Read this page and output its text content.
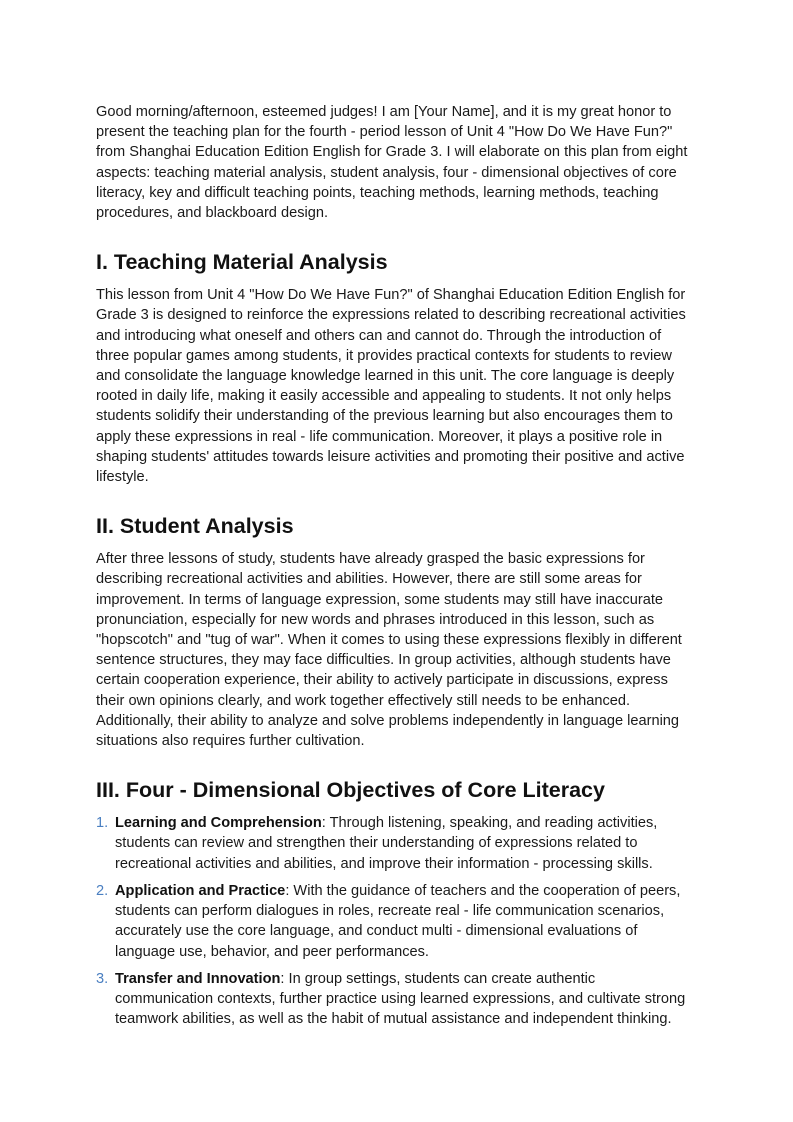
Good morning/afternoon, esteemed judges! I am [Your Name], and it is my great honor to present the teaching plan for the fourth - period lesson of Unit 4 "How Do We Have Fun?" from Shanghai Education Edition English for Grade 3. I will elaborate on this plan from eight aspects: teaching material analysis, student analysis, four - dimensional objectives of core literacy, key and difficult teaching points, teaching methods, learning methods, teaching procedures, and blackboard design.

I. Teaching Material Analysis

This lesson from Unit 4 "How Do We Have Fun?" of Shanghai Education Edition English for Grade 3 is designed to reinforce the expressions related to describing recreational activities and introducing what oneself and others can and cannot do. Through the introduction of three popular games among students, it provides practical contexts for students to review and consolidate the language knowledge learned in this unit. The core language is deeply rooted in daily life, making it easily accessible and appealing to students. It not only helps students solidify their understanding of the previous learning but also encourages them to apply these expressions in real - life communication. Moreover, it plays a positive role in shaping students' attitudes towards leisure activities and promoting their positive and active lifestyle.

II. Student Analysis

After three lessons of study, students have already grasped the basic expressions for describing recreational activities and abilities. However, there are still some areas for improvement. In terms of language expression, some students may still have inaccurate pronunciation, especially for new words and phrases introduced in this lesson, such as "hopscotch" and "tug of war". When it comes to using these expressions flexibly in different sentence structures, they may face difficulties. In group activities, although students have certain cooperation experience, their ability to actively participate in discussions, express their own opinions clearly, and work together effectively still needs to be enhanced. Additionally, their ability to analyze and solve problems independently in language learning situations also requires further cultivation.

III. Four - Dimensional Objectives of Core Literacy
1. Learning and Comprehension: Through listening, speaking, and reading activities, students can review and strengthen their understanding of expressions related to recreational activities and abilities, and improve their information - processing skills.
2. Application and Practice: With the guidance of teachers and the cooperation of peers, students can perform dialogues in roles, recreate real - life communication scenarios, accurately use the core language, and conduct multi - dimensional evaluations of language use, behavior, and peer performances.
3. Transfer and Innovation: In group settings, students can create authentic communication contexts, further practice using learned expressions, and cultivate strong teamwork abilities, as well as the habit of mutual assistance and independent thinking.
